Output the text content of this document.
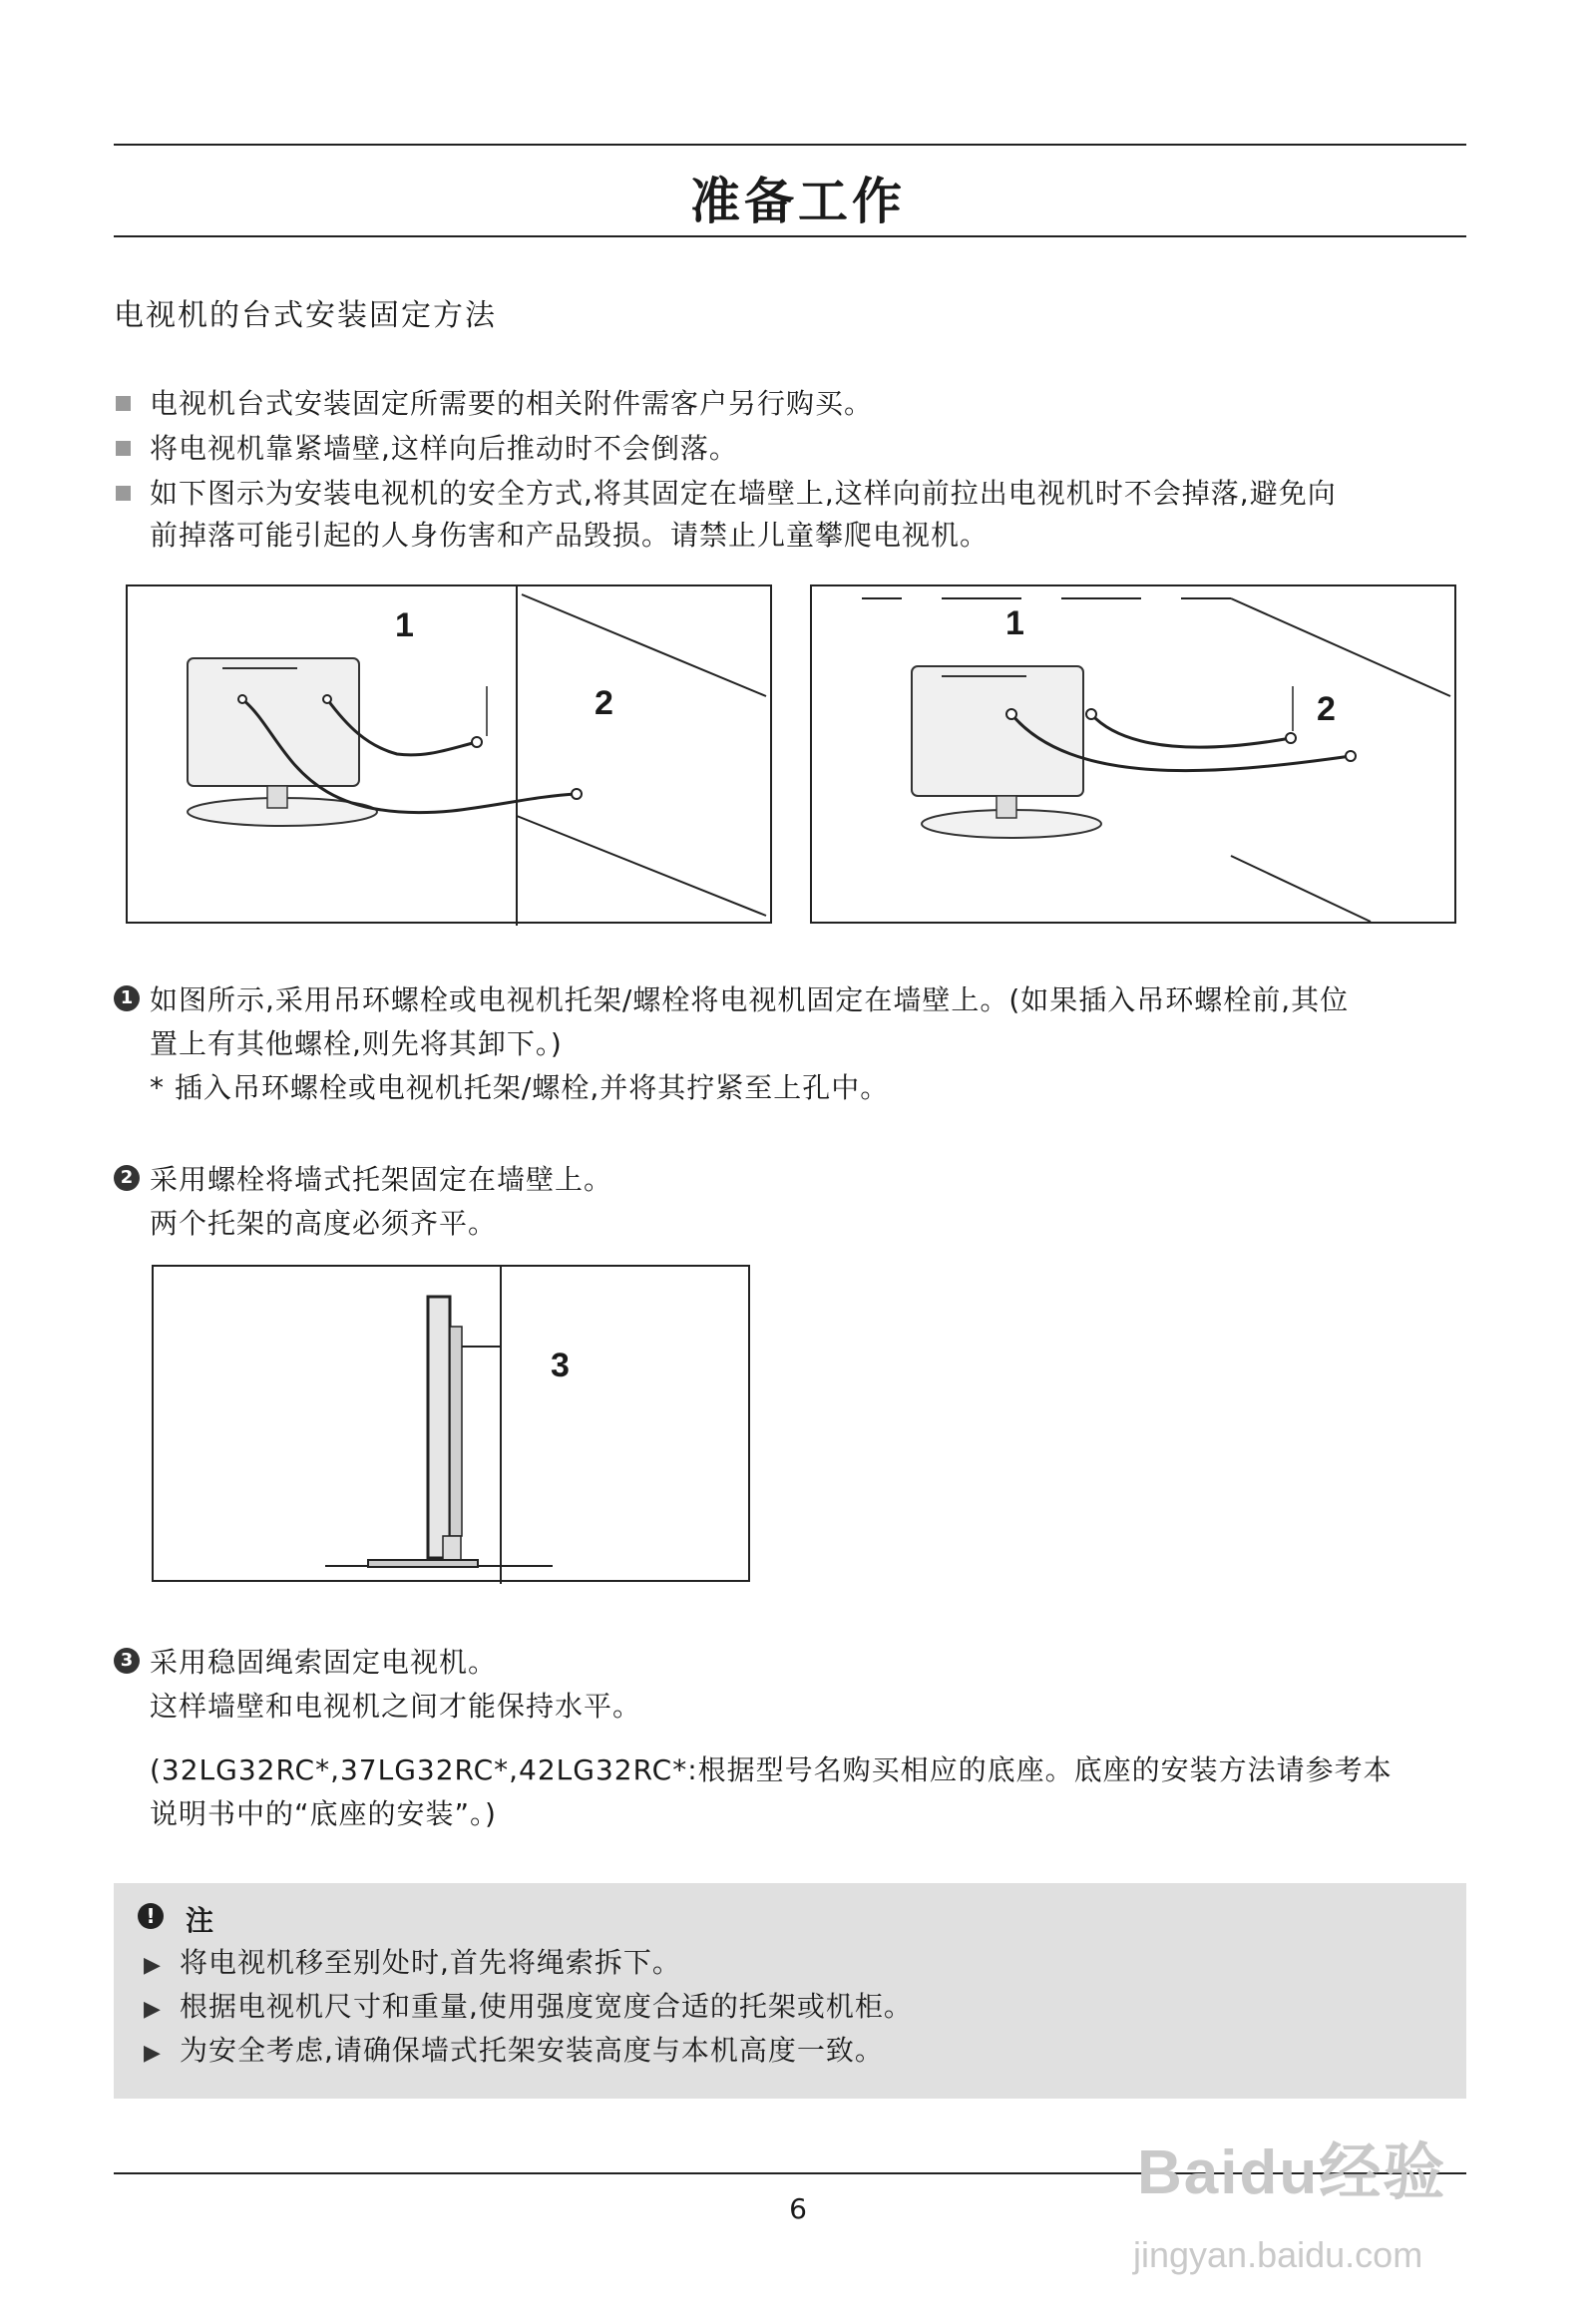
准备工作
电视机的台式安装固定方法
电视机台式安装固定所需要的相关附件需客户另行购买。
将电视机靠紧墙壁,这样向后推动时不会倒落。
如下图示为安装电视机的安全方式,将其固定在墙壁上,这样向前拉出电视机时不会掉落,避免向
前掉落可能引起的人身伤害和产品毁损。请禁止儿童攀爬电视机。
1
2
1
2
1 如图所示,采用吊环螺栓或电视机托架/螺栓将电视机固定在墙壁上。(如果插入吊环螺栓前,其位
置上有其他螺栓,则先将其卸下。)
* 插入吊环螺栓或电视机托架/螺栓,并将其拧紧至上孔中。
2 采用螺栓将墙式托架固定在墙壁上。
两个托架的高度必须齐平。
3
3 采用稳固绳索固定电视机。
这样墙壁和电视机之间才能保持水平。
(32LG32RC*,37LG32RC*,42LG32RC*:根据型号名购买相应的底座。底座的安装方法请参考本
说明书中的“底座的安装”。)
!	注
▶ 将电视机移至别处时,首先将绳索拆下。
▶ 根据电视机尺寸和重量,使用强度宽度合适的托架或机柜。
▶ 为安全考虑,请确保墙式托架安装高度与本机高度一致。
6
Baidu经验
jingyan.baidu.com
